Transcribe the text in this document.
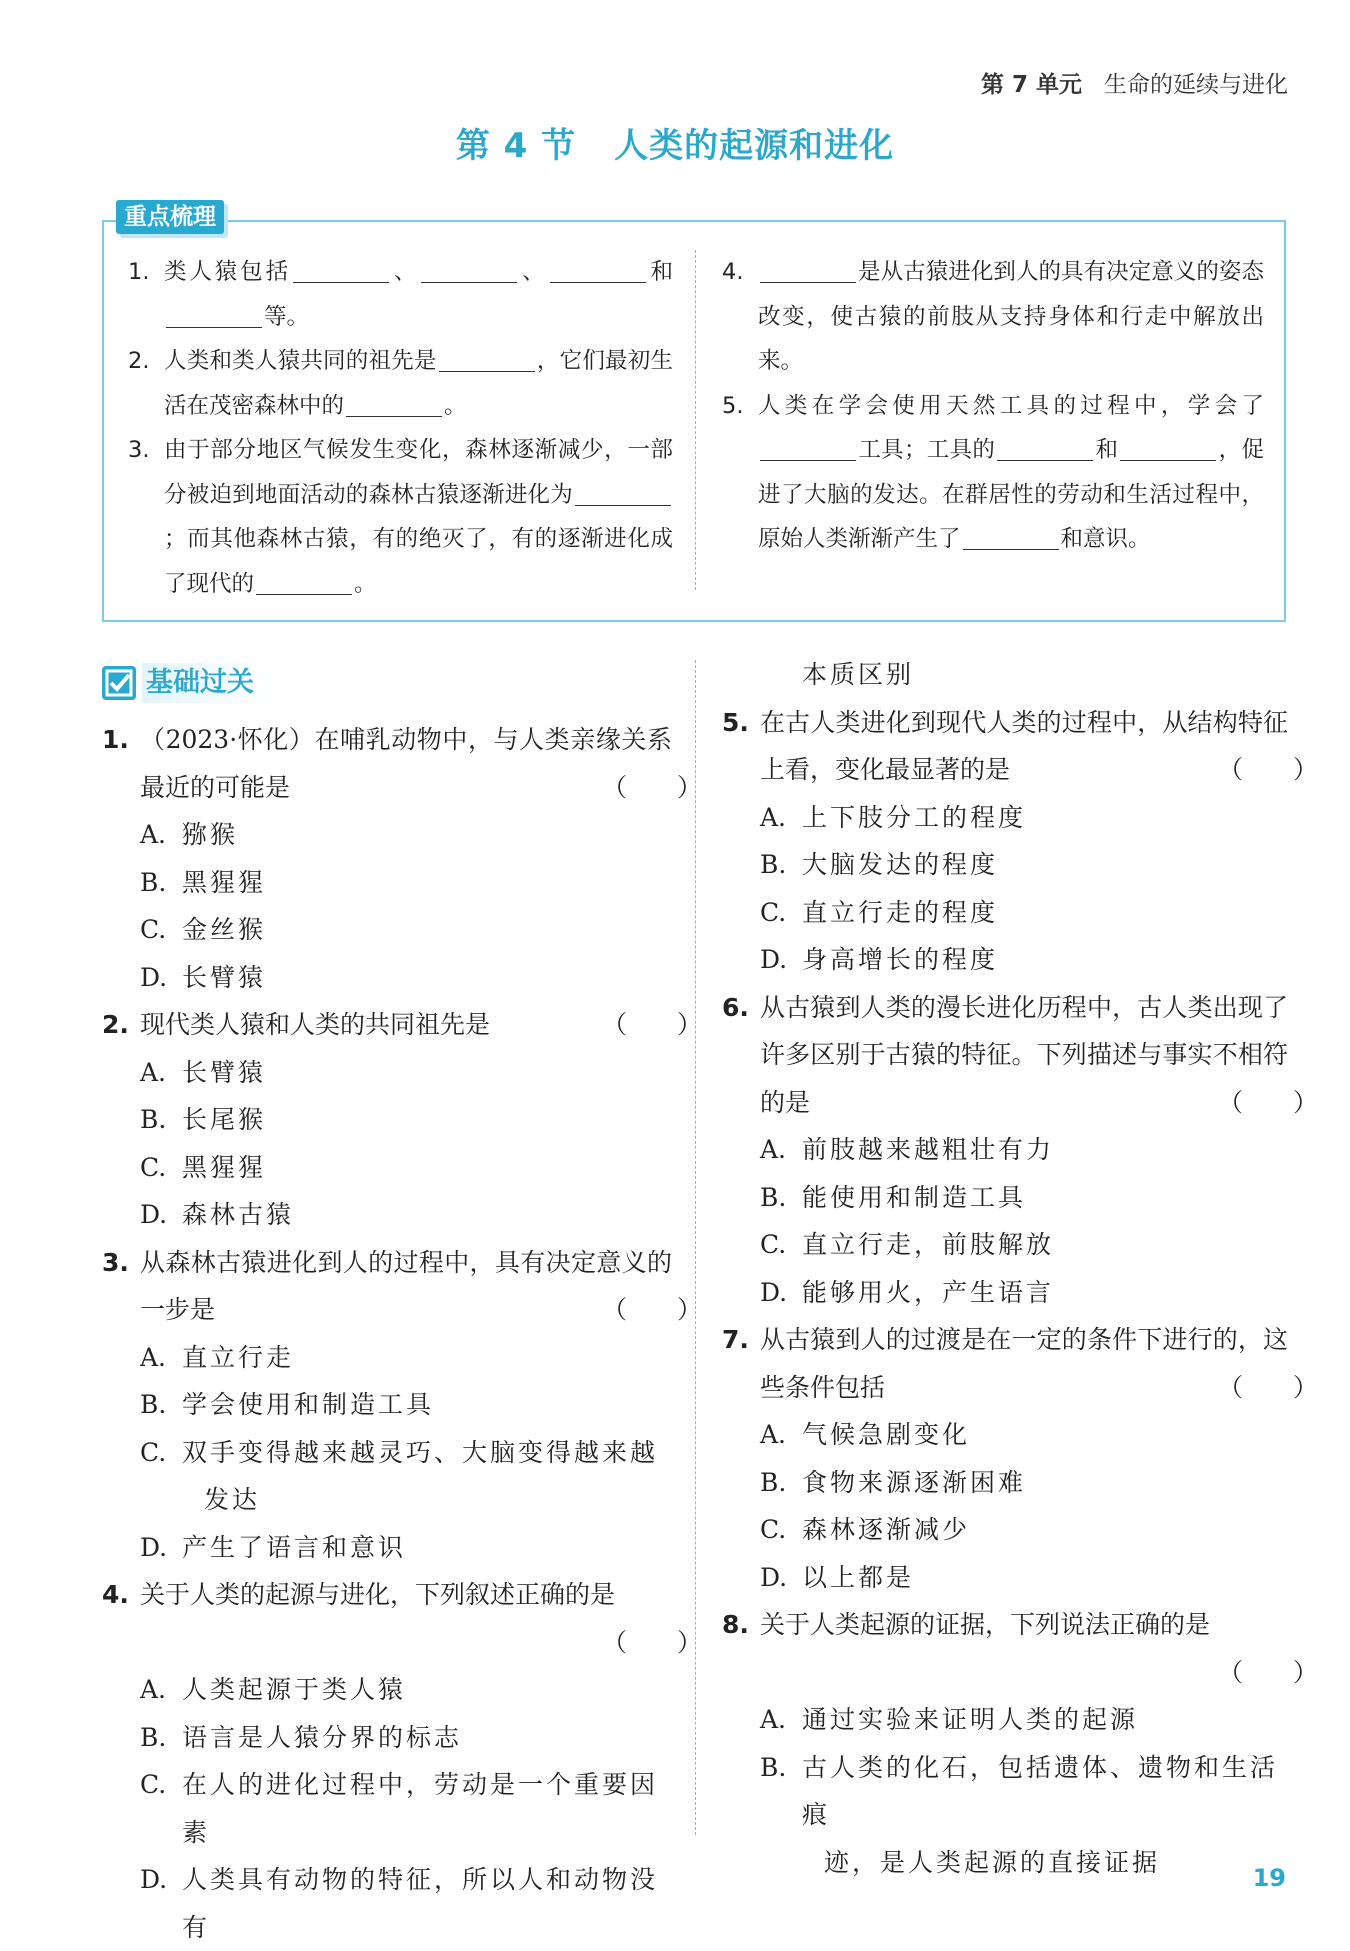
第 7 单元 生命的延续与进化
第 4 节 人类的起源和进化
重点梳理
1. 类人猿包括	、	、	和等。
2. 人类和类人猿共同的祖先是	，它们最初生活在茂密森林中的	。
3. 由于部分地区气候发生变化，森林逐渐减少，一部分被迫到地面活动的森林古猿逐渐进化为；而其他森林古猿，有的绝灭了，有的逐渐进化成了现代的	。
4.	是从古猿进化到人的具有决定意义的姿态改变，使古猿的前肢从支持身体和行走中解放出来。
5. 人类在学会使用天然工具的过程中，学会了工具；工具的	和	，促进了大脑的发达。在群居性的劳动和生活过程中，原始人类渐渐产生了	和意识。
基础过关
1. （2023·怀化）在哺乳动物中，与人类亲缘关系最近的可能是	（　　）
A. 猕猴
B. 黑猩猩
C. 金丝猴
D. 长臂猿
2. 现代类人猿和人类的共同祖先是	（　　）
A. 长臂猿
B. 长尾猴
C. 黑猩猩
D. 森林古猿
3. 从森林古猿进化到人的过程中，具有决定意义的一步是	（　　）
A. 直立行走
B. 学会使用和制造工具
C. 双手变得越来越灵巧、大脑变得越来越
发达
D. 产生了语言和意识
4. 关于人类的起源与进化，下列叙述正确的是
（　　）
A. 人类起源于类人猿
B. 语言是人猿分界的标志
C. 在人的进化过程中，劳动是一个重要因素
D. 人类具有动物的特征，所以人和动物没有
本质区别
5. 在古人类进化到现代人类的过程中，从结构特征上看，变化最显著的是	（　　）
A. 上下肢分工的程度
B. 大脑发达的程度
C. 直立行走的程度
D. 身高增长的程度
6. 从古猿到人类的漫长进化历程中，古人类出现了许多区别于古猿的特征。下列描述与事实不相符的是	（　　）
A. 前肢越来越粗壮有力
B. 能使用和制造工具
C. 直立行走，前肢解放
D. 能够用火，产生语言
7. 从古猿到人的过渡是在一定的条件下进行的，这些条件包括	（　　）
A. 气候急剧变化
B. 食物来源逐渐困难
C. 森林逐渐减少
D. 以上都是
8. 关于人类起源的证据，下列说法正确的是
（　　）
A. 通过实验来证明人类的起源
B. 古人类的化石，包括遗体、遗物和生活痕
迹，是人类起源的直接证据
19
